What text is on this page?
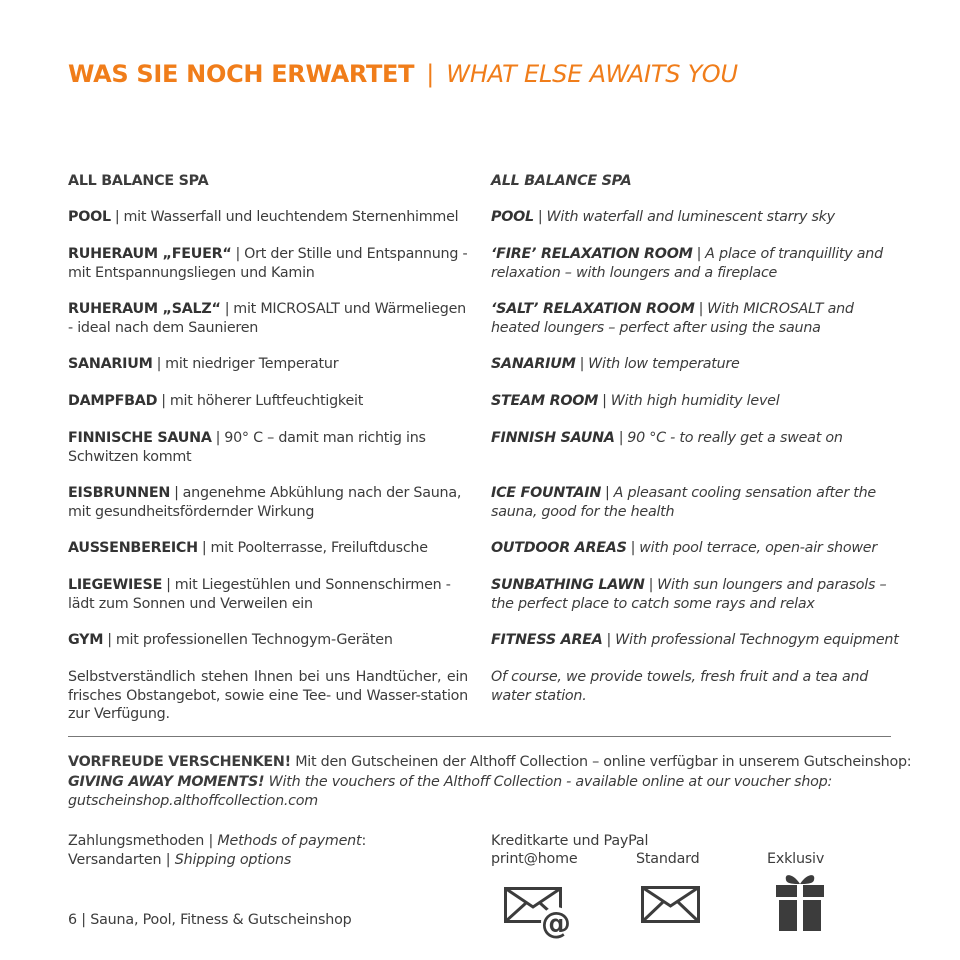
WAS SIE NOCH ERWARTET | WHAT ELSE AWAITS YOU
ALL BALANCE SPA
POOL | mit Wasserfall und leuchtendem Sternenhimmel
RUHERAUM „FEUER“ | Ort der Stille und Entspannung - mit Entspannungsliegen und Kamin
RUHERAUM „SALZ“ | mit MICROSALT und Wärmeliegen - ideal nach dem Saunieren
SANARIUM | mit niedriger Temperatur
DAMPFBAD | mit höherer Luftfeuchtigkeit
FINNISCHE SAUNA | 90° C – damit man richtig ins Schwitzen kommt
EISBRUNNEN | angenehme Abkühlung nach der Sauna, mit gesundheitsfördernder Wirkung
AUSSENBEREICH | mit Poolterrasse, Freiluftdusche
LIEGEWIESE | mit Liegestühlen und Sonnenschirmen - lädt zum Sonnen und Verweilen ein
GYM | mit professionellen Technogym-Geräten
Selbstverständlich stehen Ihnen bei uns Handtücher, ein frisches Obstangebot, sowie eine Tee- und Wasser-station zur Verfügung.
ALL BALANCE SPA
POOL | With waterfall and luminescent starry sky
‘FIRE’ RELAXATION ROOM | A place of tranquillity and relaxation – with loungers and a fireplace
‘SALT’ RELAXATION ROOM | With MICROSALT and heated loungers – perfect after using the sauna
SANARIUM | With low temperature
STEAM ROOM | With high humidity level
FINNISH SAUNA | 90 °C - to really get a sweat on
ICE FOUNTAIN | A pleasant cooling sensation after the sauna, good for the health
OUTDOOR AREAS | with pool terrace, open-air shower
SUNBATHING LAWN | With sun loungers and parasols – the perfect place to catch some rays and relax
FITNESS AREA | With professional Technogym equipment
Of course, we provide towels, fresh fruit and a tea and water station.
VORFREUDE VERSCHENKEN! Mit den Gutscheinen der Althoff Collection – online verfügbar in unserem Gutscheinshop:
GIVING AWAY MOMENTS! With the vouchers of the Althoff Collection - available online at our voucher shop:
gutscheinshop.althoffcollection.com
Zahlungsmethoden | Methods of payment:
Versandarten | Shipping options
Kreditkarte und PayPal
print@home	Standard	Exklusiv
@
6 | Sauna, Pool, Fitness & Gutscheinshop
